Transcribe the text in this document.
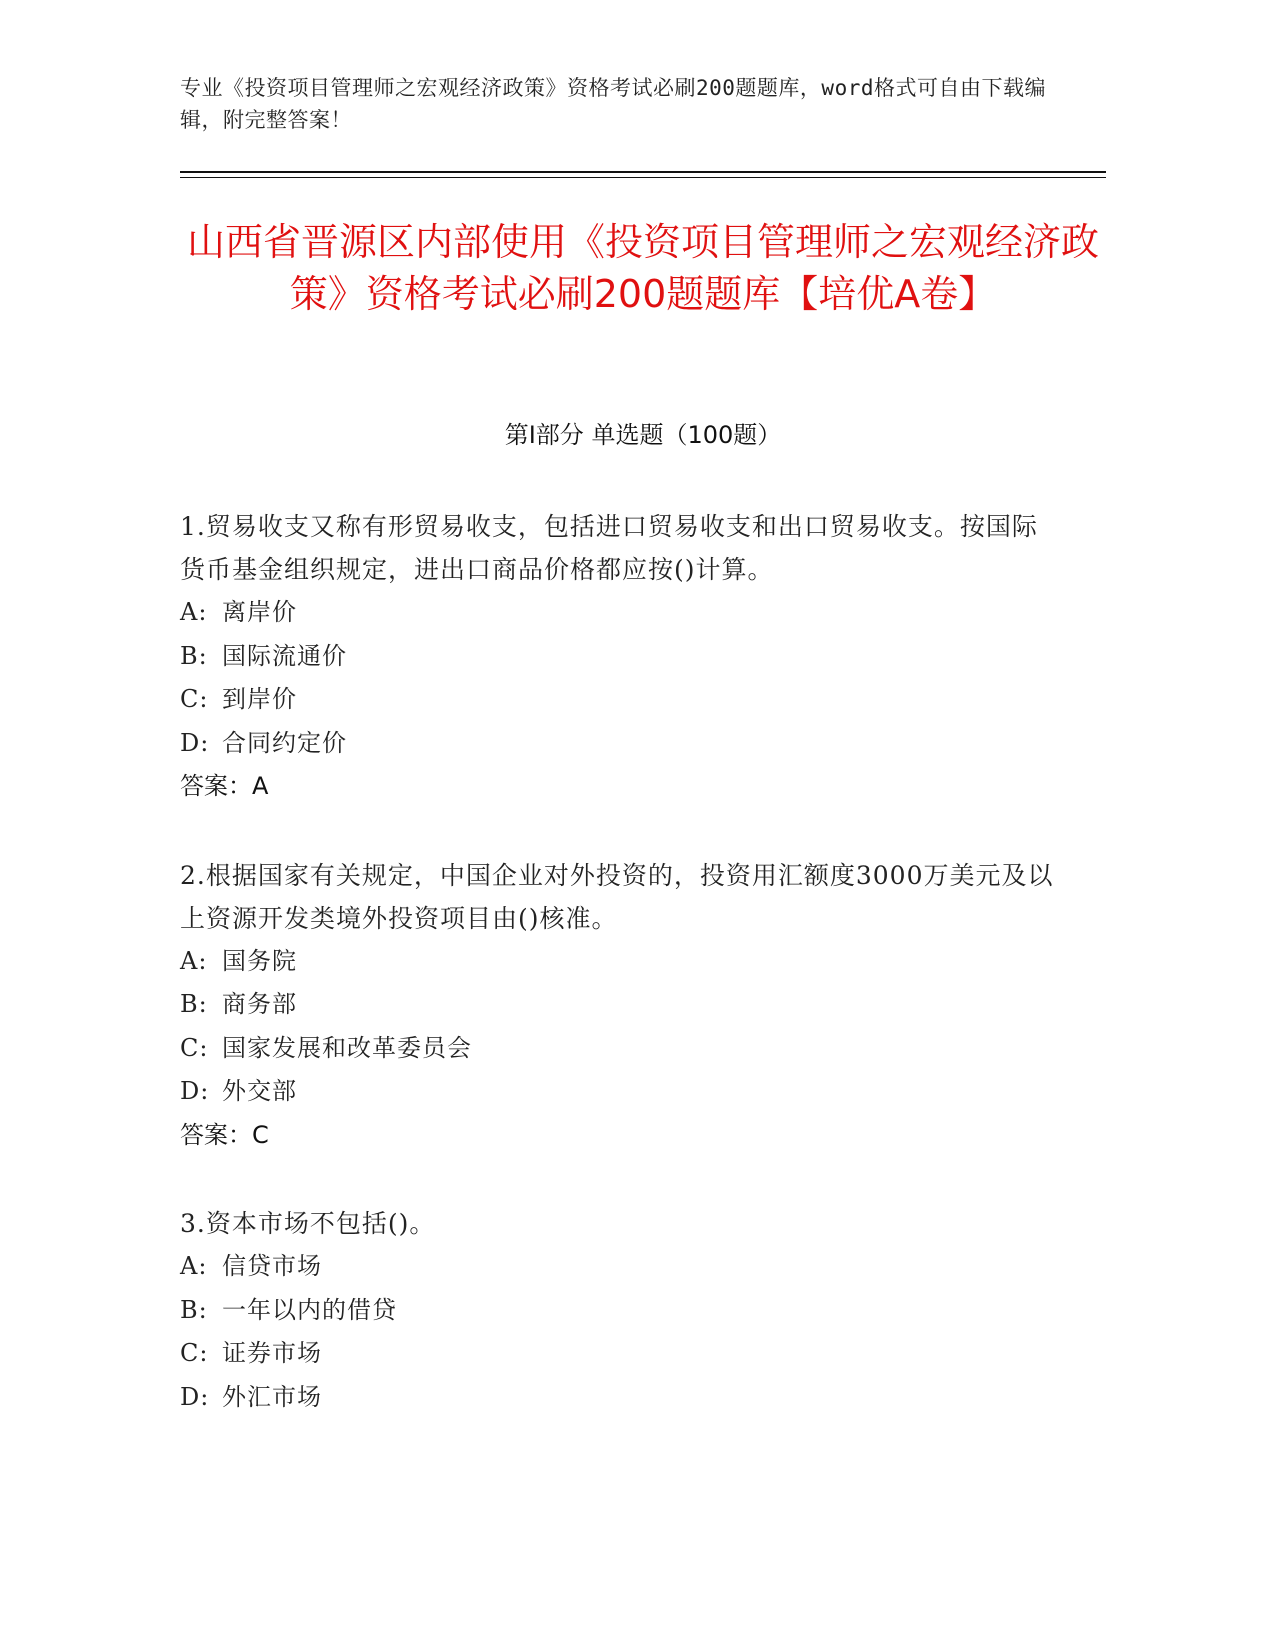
专业《投资项目管理师之宏观经济政策》资格考试必刷200题题库，word格式可自由下载编辑，附完整答案！
山西省晋源区内部使用《投资项目管理师之宏观经济政策》资格考试必刷200题题库【培优A卷】
第Ⅰ部分 单选题（100题）
1.贸易收支又称有形贸易收支，包括进口贸易收支和出口贸易收支。按国际货币基金组织规定，进出口商品价格都应按()计算。
A: 离岸价
B: 国际流通价
C: 到岸价
D: 合同约定价
答案：A
2.根据国家有关规定，中国企业对外投资的，投资用汇额度3000万美元及以上资源开发类境外投资项目由()核准。
A: 国务院
B: 商务部
C: 国家发展和改革委员会
D: 外交部
答案：C
3.资本市场不包括()。
A: 信贷市场
B: 一年以内的借贷
C: 证券市场
D: 外汇市场
